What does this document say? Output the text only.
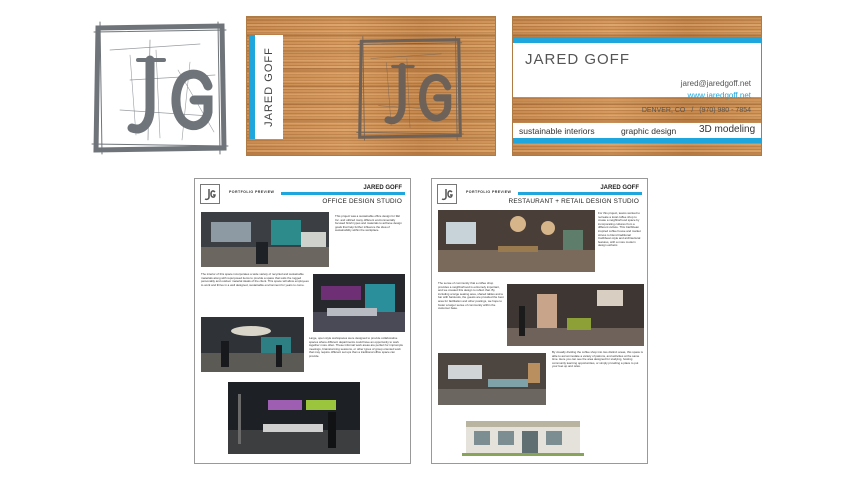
JARED GOFF	JARED GOFF
jared@jaredgoff.net
www.jaredgoff.net
DENVER, CO / (970) 980 - 7854
sustainable interiors	graphic design 3D modeling
PORTFOLIO PREVIEW
JARED GOFF
OFFICE DESIGN STUDIO
This project was a sustainable office design for 3EI Inc. and utilized many different environmentally focused finish types and materials to achieve design goals that help further influence the idea of sustainability within the workplace.
The interior of this space incorporates a wide variety of recycled and sustainable materials along with repurposed items to provide a space that suits the rugged personality and outdoor material ideals of the client. This space will allow employees to work and thrive in a well designed, sustainable environment for years to come.
Large, open style workspaces were designed to provide collaborative spaces where different departments could have an opportunity to work together more often. These informal work areas are perfect for impromptu meetings, brainstorming sessions, or other types of group oriented work that may require different set ups than a traditional office space can provide.
PORTFOLIO PREVIEW
JARED GOFF
RESTAURANT + RETAIL DESIGN STUDIO
For this project, teams worked to recreate a local coffee shop to create a neighborhood space by incorporating cultures from a different culture. This Caribbean inspired coffee house and market strives to blend traditional Caribbean style and architectural features, with a more modern design esthetic.
The sense of community that a coffee shop provides a neighborhood is extremely important, and we created this design to reflect that. By including a large seating area, shared tables and a bar with barstools, the guests are provided the best area for facilitation and other postings, we hope to foster a larger sense of community within the customer base.
By visually dividing the coffee shop into two distinct areas, this space is able to accommodate a variety of patrons, and activities at the same time. Here you can see the area designed for studying, hosting community learning opportunities, or simply providing a place to put your feet up and relax.
